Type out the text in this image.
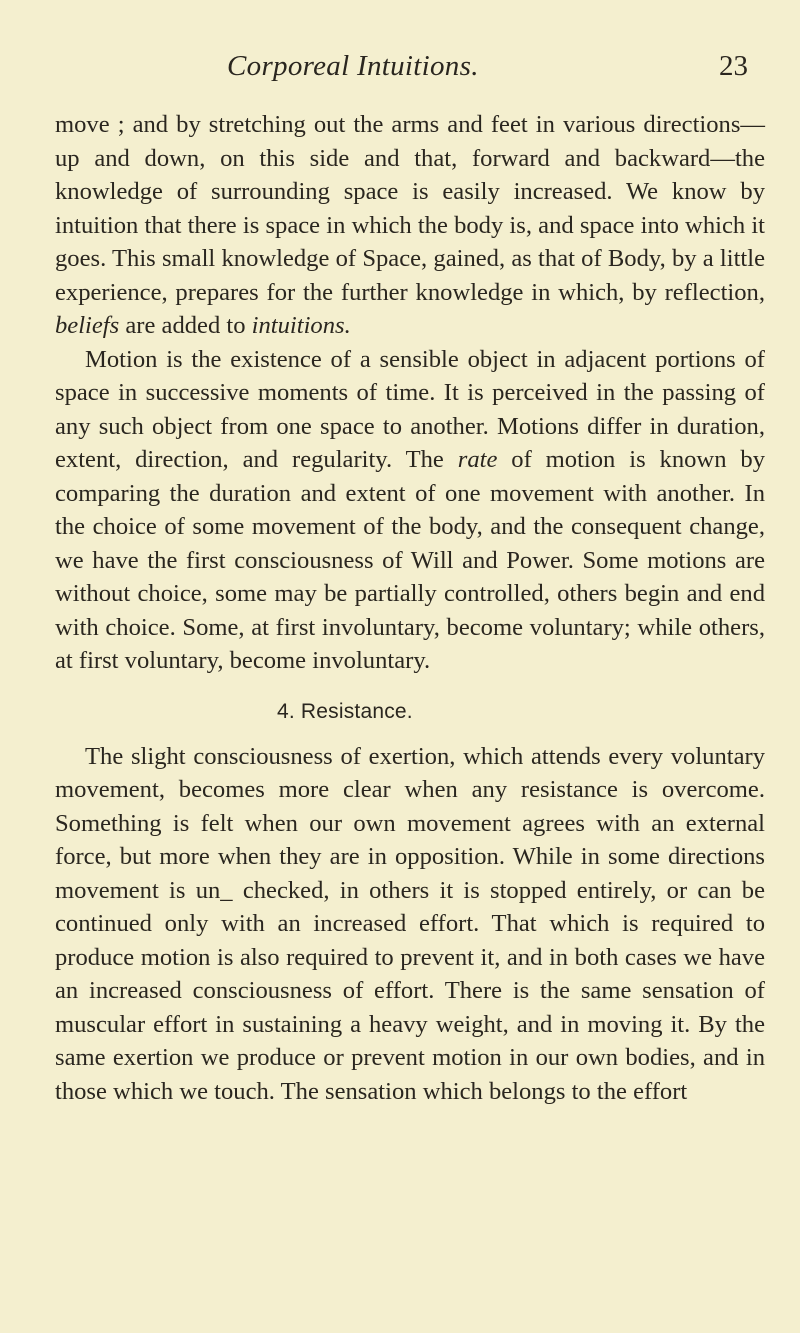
Corporeal Intuitions.	23

move ; and by stretching out the arms and feet in various directions—up and down, on this side and that, forward and backward—the knowledge of surrounding space is easily increased. We know by intuition that there is space in which the body is, and space into which it goes. This small knowledge of Space, gained, as that of Body, by a little experience, prepares for the further knowledge in which, by reflection, beliefs are added to intuitions.

Motion is the existence of a sensible object in adjacent portions of space in successive moments of time. It is perceived in the passing of any such object from one space to another. Motions differ in duration, extent, direction, and regularity. The rate of motion is known by comparing the duration and extent of one movement with another. In the choice of some movement of the body, and the consequent change, we have the first consciousness of Will and Power. Some motions are without choice, some may be partially controlled, others begin and end with choice. Some, at first involuntary, become voluntary; while others, at first voluntary, become involuntary.

4. Resistance.

The slight consciousness of exertion, which attends every voluntary movement, becomes more clear when any resistance is overcome. Something is felt when our own movement agrees with an external force, but more when they are in opposition. While in some directions movement is un_ checked, in others it is stopped entirely, or can be continued only with an increased effort. That which is required to produce motion is also required to prevent it, and in both cases we have an increased consciousness of effort. There is the same sensation of muscular effort in sustaining a heavy weight, and in moving it. By the same exertion we produce or prevent motion in our own bodies, and in those which we touch. The sensation which belongs to the effort
